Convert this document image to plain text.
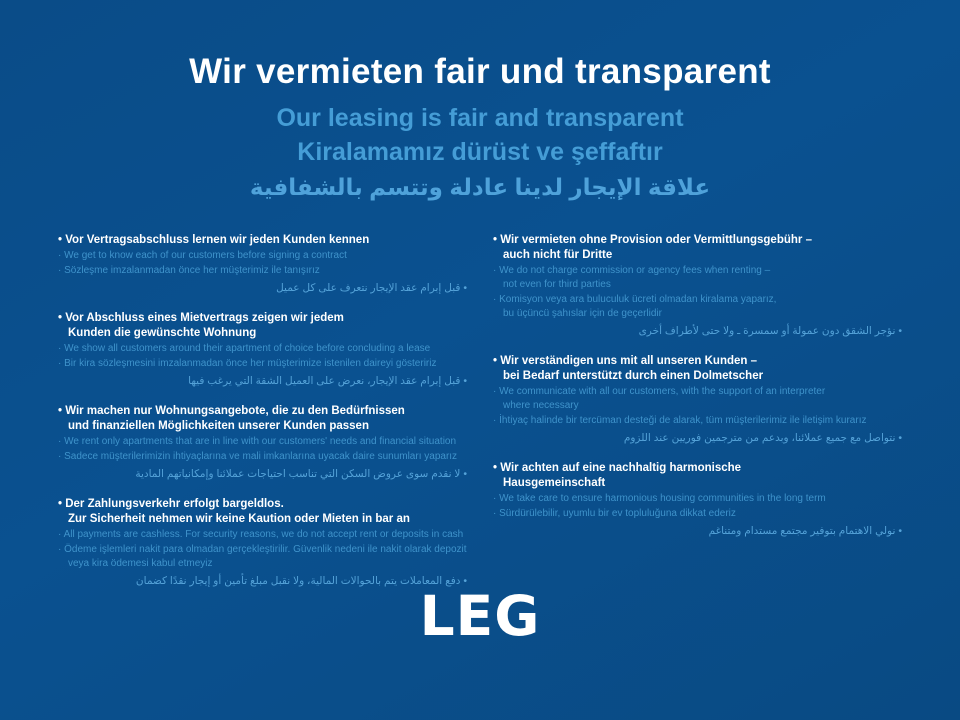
Wir vermieten fair und transparent
Our leasing is fair and transparent
Kiralamamız dürüst ve şeffaftır
علاقة الإيجار لدينا عادلة وتتسم بالشفافية
• Vor Vertragsabschluss lernen wir jeden Kunden kennen
· We get to know each of our customers before signing a contract
· Sözleşme imzalanmadan önce her müşterimiz ile tanışırız
• قبل إبرام عقد الإيجار نتعرف على كل عميل
• Vor Abschluss eines Mietvertrags zeigen wir jedem
Kunden die gewünschte Wohnung
· We show all customers around their apartment of choice before concluding a lease
· Bir kira sözleşmesini imzalanmadan önce her müşterimize istenilen daireyi gösteririz
• قبل إبرام عقد الإيجار، نعرض على العميل الشقة التي يرغب فيها
• Wir machen nur Wohnungsangebote, die zu den Bedürfnissen
und finanziellen Möglichkeiten unserer Kunden passen
· We rent only apartments that are in line with our customers' needs and financial situation
· Sadece müşterilerimizin ihtiyaçlarına ve mali imkanlarına uyacak daire sunumları yaparız
• لا نقدم سوى عروض السكن التي تناسب احتياجات عملائنا وإمكانياتهم المادية
• Der Zahlungsverkehr erfolgt bargeldlos.
Zur Sicherheit nehmen wir keine Kaution oder Mieten in bar an
· All payments are cashless. For security reasons, we do not accept rent or deposits in cash
· Ödeme işlemleri nakit para olmadan gerçekleştirilir. Güvenlik nedeni ile nakit olarak depozit
veya kira ödemesi kabul etmeyiz
• دفع المعاملات يتم بالحوالات المالية، ولا نقبل مبلغ تأمين أو إيجار نقدًا كضمان
• Wir vermieten ohne Provision oder Vermittlungsgebühr –
auch nicht für Dritte
· We do not charge commission or agency fees when renting –
not even for third parties
· Komisyon veya ara buluculuk ücreti olmadan kiralama yaparız,
bu üçüncü şahıslar için de geçerlidir
• نؤجر الشقق دون عمولة أو سمسرة ـ ولا حتى لأطراف أخرى
• Wir verständigen uns mit all unseren Kunden –
bei Bedarf unterstützt durch einen Dolmetscher
· We communicate with all our customers, with the support of an interpreter
where necessary
· İhtiyaç halinde bir tercüman desteği de alarak, tüm müşterilerimiz ile iletişim kurarız
• نتواصل مع جميع عملائنا، وبدعم من مترجمين فوريين عند اللزوم
• Wir achten auf eine nachhaltig harmonische
Hausgemeinschaft
· We take care to ensure harmonious housing communities in the long term
· Sürdürülebilir, uyumlu bir ev topluluğuna dikkat ederiz
• نولي الاهتمام بتوفير مجتمع مستدام ومتناغم
LEG
